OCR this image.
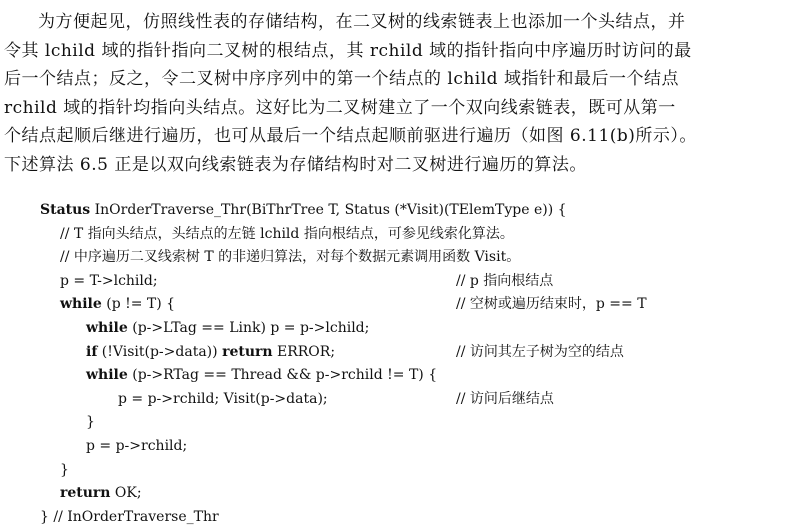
为方便起见，仿照线性表的存储结构，在二叉树的线索链表上也添加一个头结点，并
令其 lchild 域的指针指向二叉树的根结点，其 rchild 域的指针指向中序遍历时访问的最
后一个结点；反之，令二叉树中序序列中的第一个结点的 lchild 域指针和最后一个结点
rchild 域的指针均指向头结点。这好比为二叉树建立了一个双向线索链表，既可从第一
个结点起顺后继进行遍历，也可从最后一个结点起顺前驱进行遍历（如图 6.11(b)所示）。
下述算法 6.5 正是以双向线索链表为存储结构时对二叉树进行遍历的算法。
Status InOrderTraverse_Thr(BiThrTree T, Status (*Visit)(TElemType e)) {
// T 指向头结点，头结点的左链 lchild 指向根结点，可参见线索化算法。
// 中序遍历二叉线索树 T 的非递归算法，对每个数据元素调用函数 Visit。
p = T->lchild;	// p 指向根结点
while (p != T) {	// 空树或遍历结束时，p == T
while (p->LTag == Link) p = p->lchild;
if (!Visit(p->data)) return ERROR;	// 访问其左子树为空的结点
while (p->RTag == Thread && p->rchild != T) {
p = p->rchild; Visit(p->data);	// 访问后继结点
}
p = p->rchild;
}
return OK;
} // InOrderTraverse_Thr
